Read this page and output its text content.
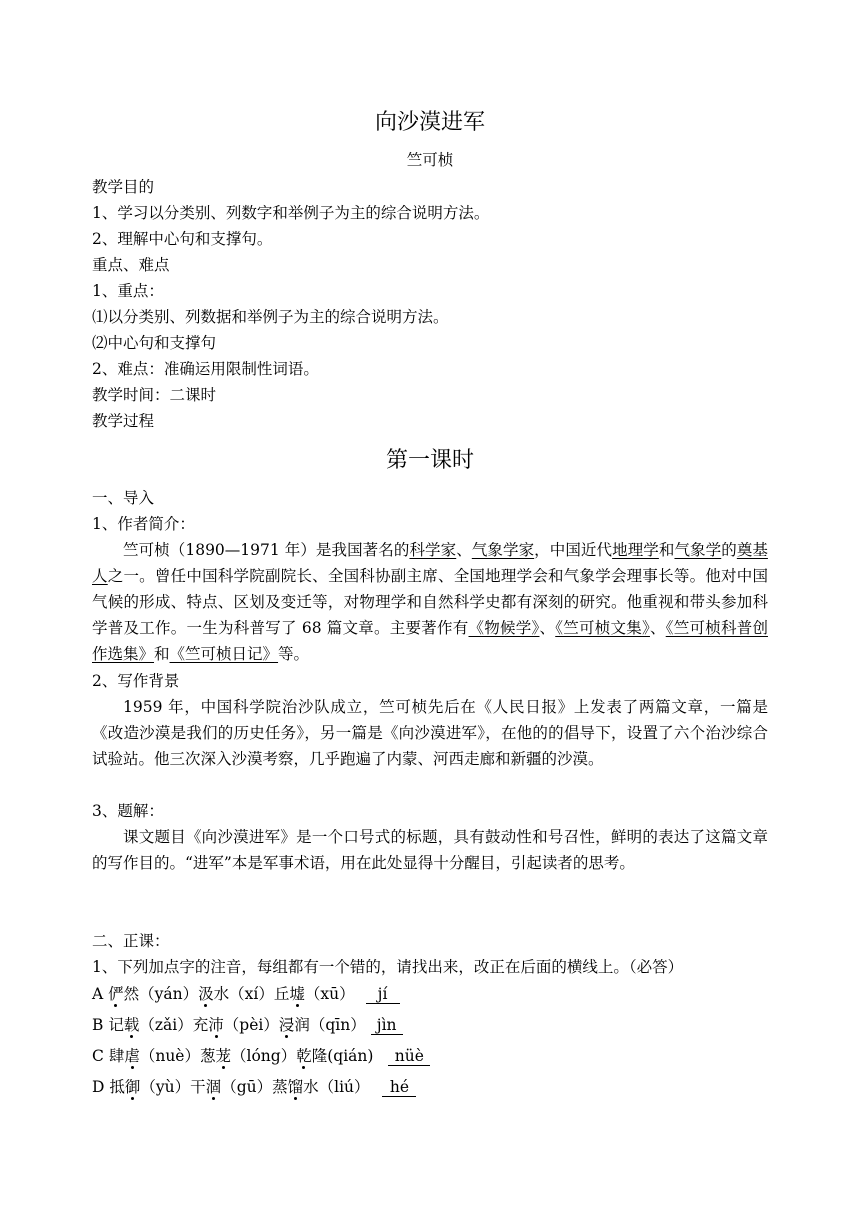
向沙漠进军
竺可桢
教学目的
1、学习以分类别、列数字和举例子为主的综合说明方法。
2、理解中心句和支撑句。
重点、难点
1、重点：
⑴以分类别、列数据和举例子为主的综合说明方法。
⑵中心句和支撑句
2、难点：准确运用限制性词语。
教学时间：二课时
教学过程
第一课时
一、导入
1、作者简介：
竺可桢（1890—1971 年）是我国著名的科学家、气象学家，中国近代地理学和气象学的奠基人之一。曾任中国科学院副院长、全国科协副主席、全国地理学会和气象学会理事长等。他对中国气候的形成、特点、区划及变迁等，对物理学和自然科学史都有深刻的研究。他重视和带头参加科学普及工作。一生为科普写了 68 篇文章。主要著作有《物候学》、《竺可桢文集》、《竺可桢科普创作选集》和《竺可桢日记》等。
2、写作背景
1959 年，中国科学院治沙队成立，竺可桢先后在《人民日报》上发表了两篇文章，一篇是《改造沙漠是我们的历史任务》，另一篇是《向沙漠进军》，在他的的倡导下，设置了六个治沙综合试验站。他三次深入沙漠考察，几乎跑遍了内蒙、河西走廊和新疆的沙漠。
3、题解：
课文题目《向沙漠进军》是一个口号式的标题，具有鼓动性和号召性，鲜明的表达了这篇文章的写作目的。“进军”本是军事术语，用在此处显得十分醒目，引起读者的思考。
二、正课：
1、下列加点字的注音，每组都有一个错的，请找出来，改正在后面的横线上。（必答）
A 俨然（yán）汲水（xí）丘墟（xū） jí
B 记载（zǎi）充沛（pèi）浸润（qīn） jìn
C 肆虐（nuè）葱茏（lóng）乾隆(qián) nüè
D 抵御（yù）干涸（gū）蒸馏水（liú） hé
